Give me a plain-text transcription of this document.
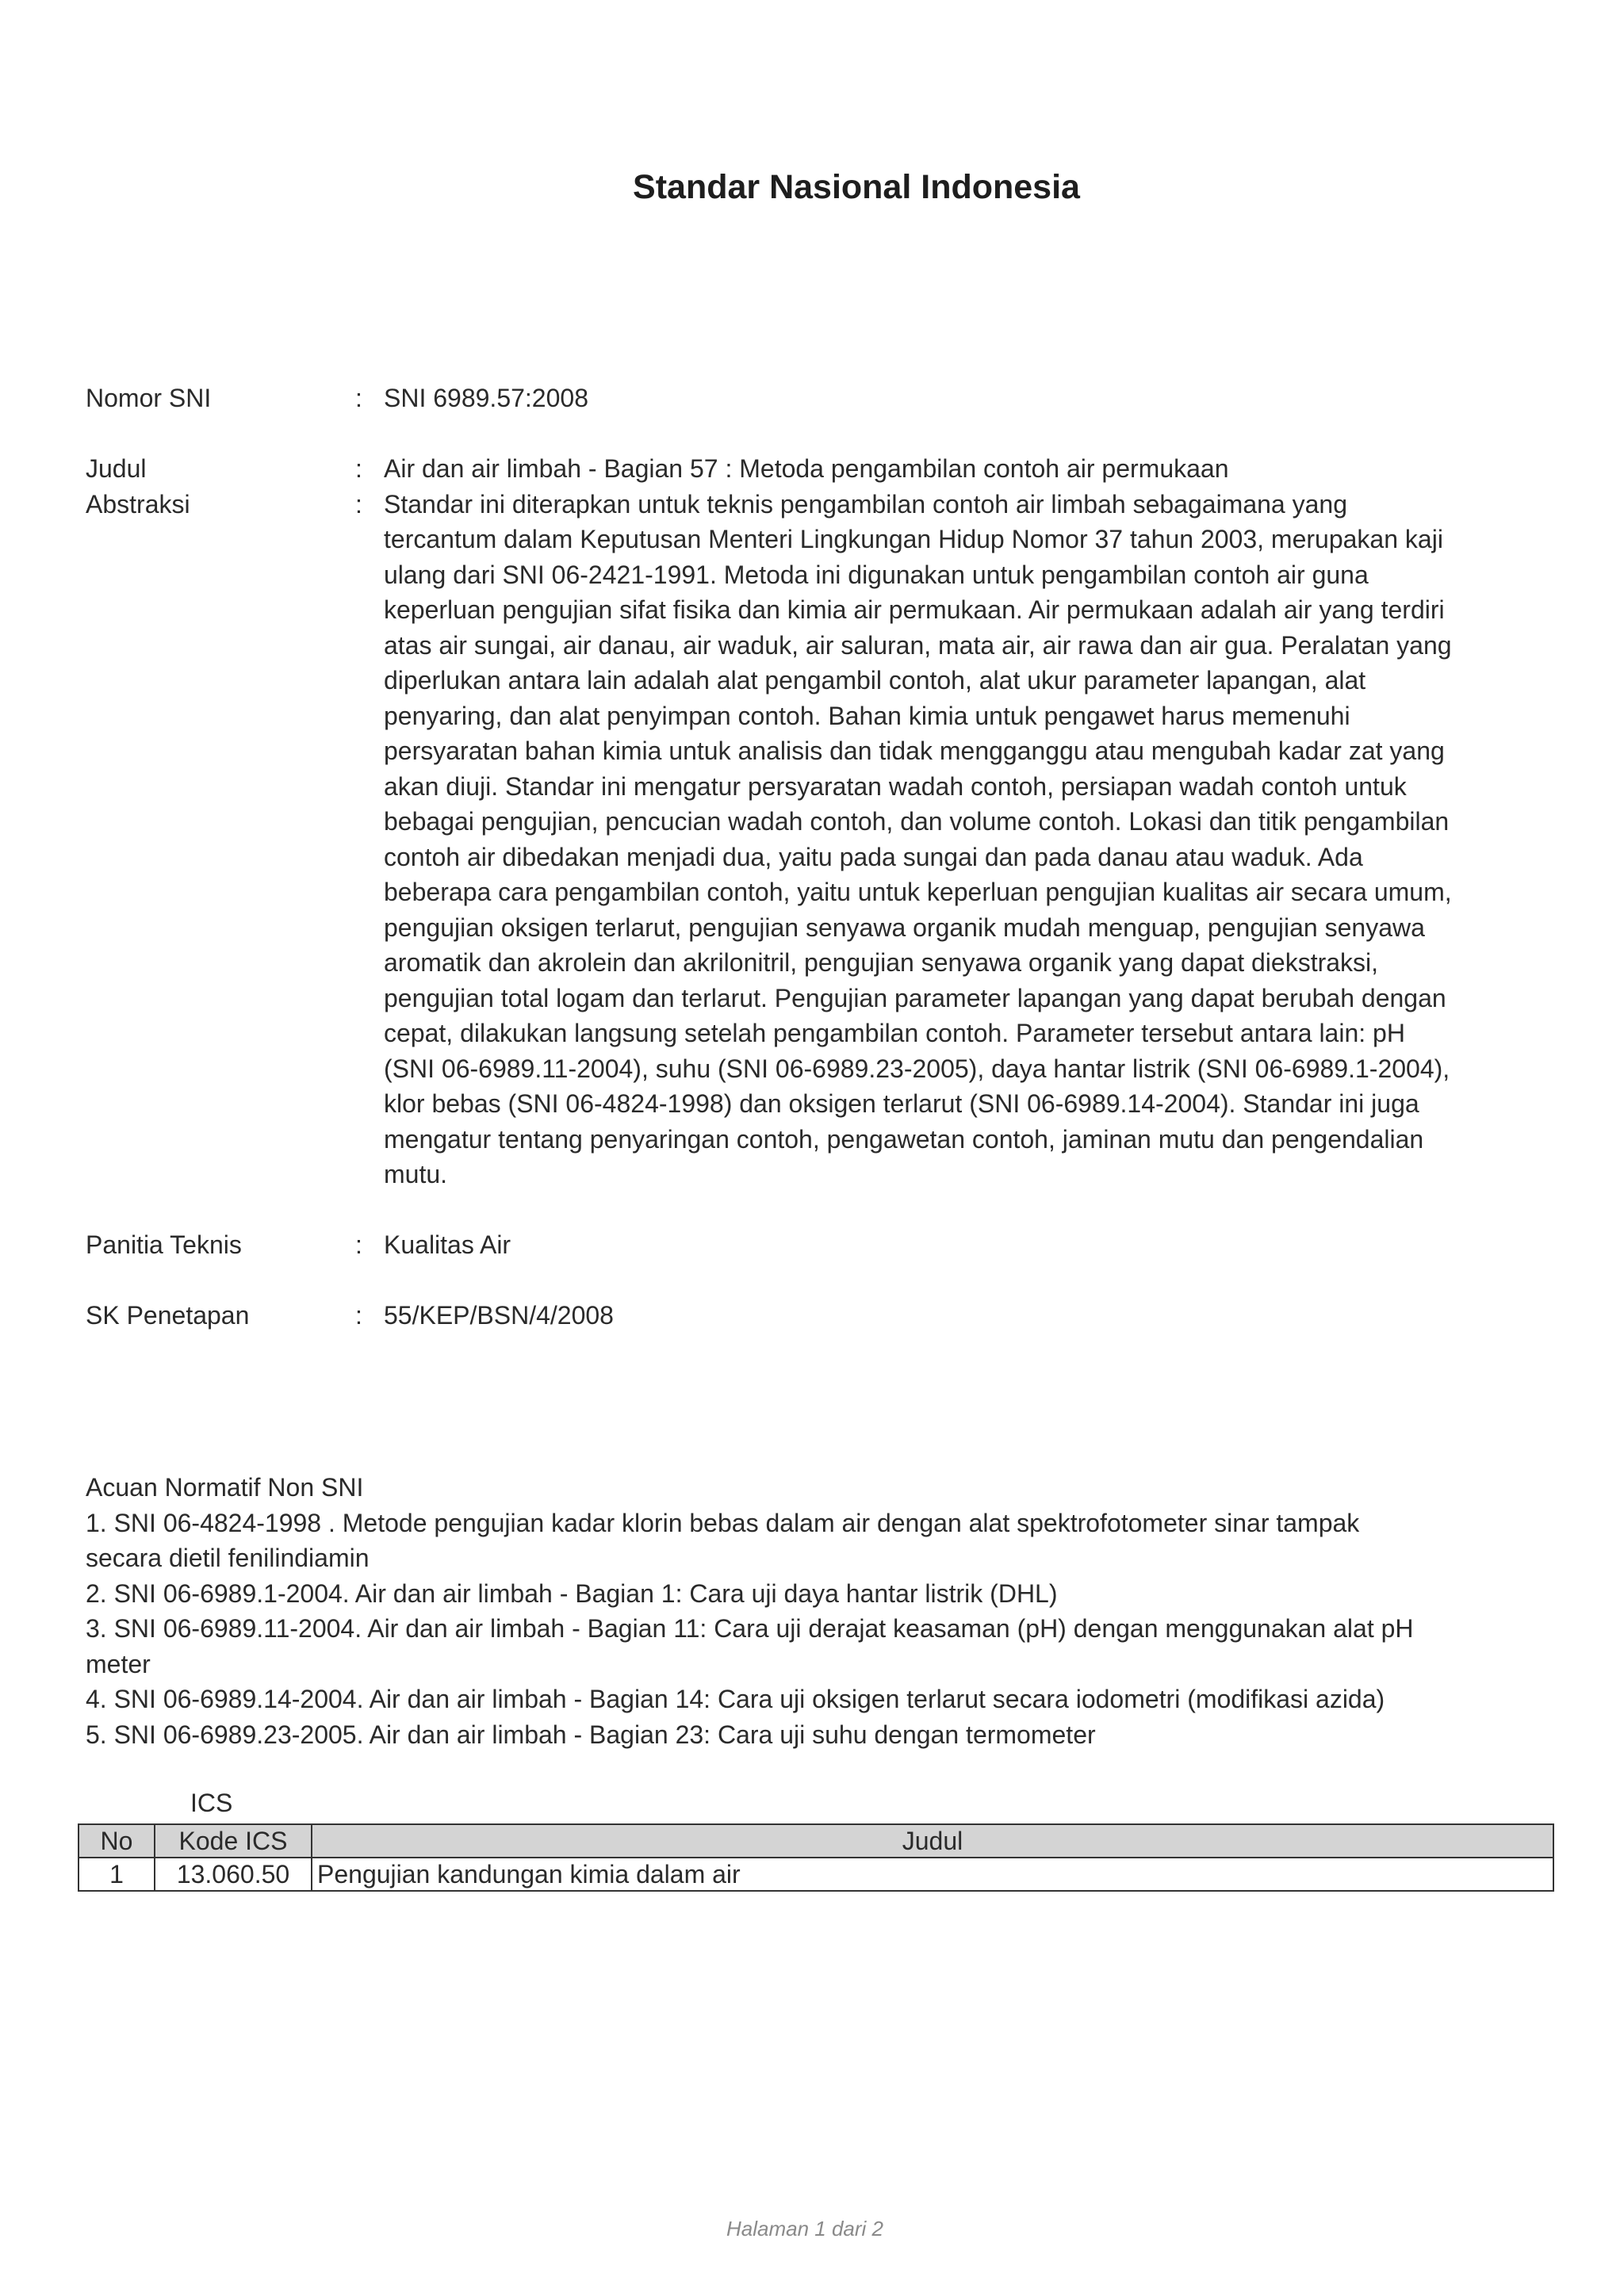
Standar Nasional Indonesia
Nomor SNI	: SNI 6989.57:2008
Judul	: Air dan air limbah - Bagian 57 : Metoda pengambilan contoh air permukaan
Abstraksi	: Standar ini diterapkan untuk teknis pengambilan contoh air limbah sebagaimana yang
tercantum dalam Keputusan Menteri Lingkungan Hidup Nomor 37 tahun 2003, merupakan kaji
ulang dari SNI 06-2421-1991. Metoda ini digunakan untuk pengambilan contoh air guna
keperluan pengujian sifat fisika dan kimia air permukaan. Air permukaan adalah air yang terdiri
atas air sungai, air danau, air waduk, air saluran, mata air, air rawa dan air gua. Peralatan yang
diperlukan antara lain adalah alat pengambil contoh, alat ukur parameter lapangan, alat
penyaring, dan alat penyimpan contoh. Bahan kimia untuk pengawet harus memenuhi
persyaratan bahan kimia untuk analisis dan tidak mengganggu atau mengubah kadar zat yang
akan diuji. Standar ini mengatur persyaratan wadah contoh, persiapan wadah contoh untuk
bebagai pengujian, pencucian wadah contoh, dan volume contoh. Lokasi dan titik pengambilan
contoh air dibedakan menjadi dua, yaitu pada sungai dan pada danau atau waduk. Ada
beberapa cara pengambilan contoh, yaitu untuk keperluan pengujian kualitas air secara umum,
pengujian oksigen terlarut, pengujian senyawa organik mudah menguap, pengujian senyawa
aromatik dan akrolein dan akrilonitril, pengujian senyawa organik yang dapat diekstraksi,
pengujian total logam dan terlarut. Pengujian parameter lapangan yang dapat berubah dengan
cepat, dilakukan langsung setelah pengambilan contoh. Parameter tersebut antara lain: pH
(SNI 06-6989.11-2004), suhu (SNI 06-6989.23-2005), daya hantar listrik (SNI 06-6989.1-2004),
klor bebas (SNI 06-4824-1998) dan oksigen terlarut (SNI 06-6989.14-2004). Standar ini juga
mengatur tentang penyaringan contoh, pengawetan contoh, jaminan mutu dan pengendalian
mutu.
Panitia Teknis	: Kualitas Air
SK Penetapan	: 55/KEP/BSN/4/2008
Acuan Normatif Non SNI
1. SNI 06-4824-1998 . Metode pengujian kadar klorin bebas dalam air dengan alat spektrofotometer sinar tampak
secara dietil fenilindiamin
2. SNI 06-6989.1-2004. Air dan air limbah - Bagian 1: Cara uji daya hantar listrik (DHL)
3. SNI 06-6989.11-2004. Air dan air limbah - Bagian 11: Cara uji derajat keasaman (pH) dengan menggunakan alat pH
meter
4. SNI 06-6989.14-2004. Air dan air limbah - Bagian 14: Cara uji oksigen terlarut secara iodometri (modifikasi azida)
5. SNI 06-6989.23-2005. Air dan air limbah - Bagian 23: Cara uji suhu dengan termometer
ICS
No	Kode ICS	Judul
1	13.060.50	Pengujian kandungan kimia dalam air
Halaman 1 dari 2
